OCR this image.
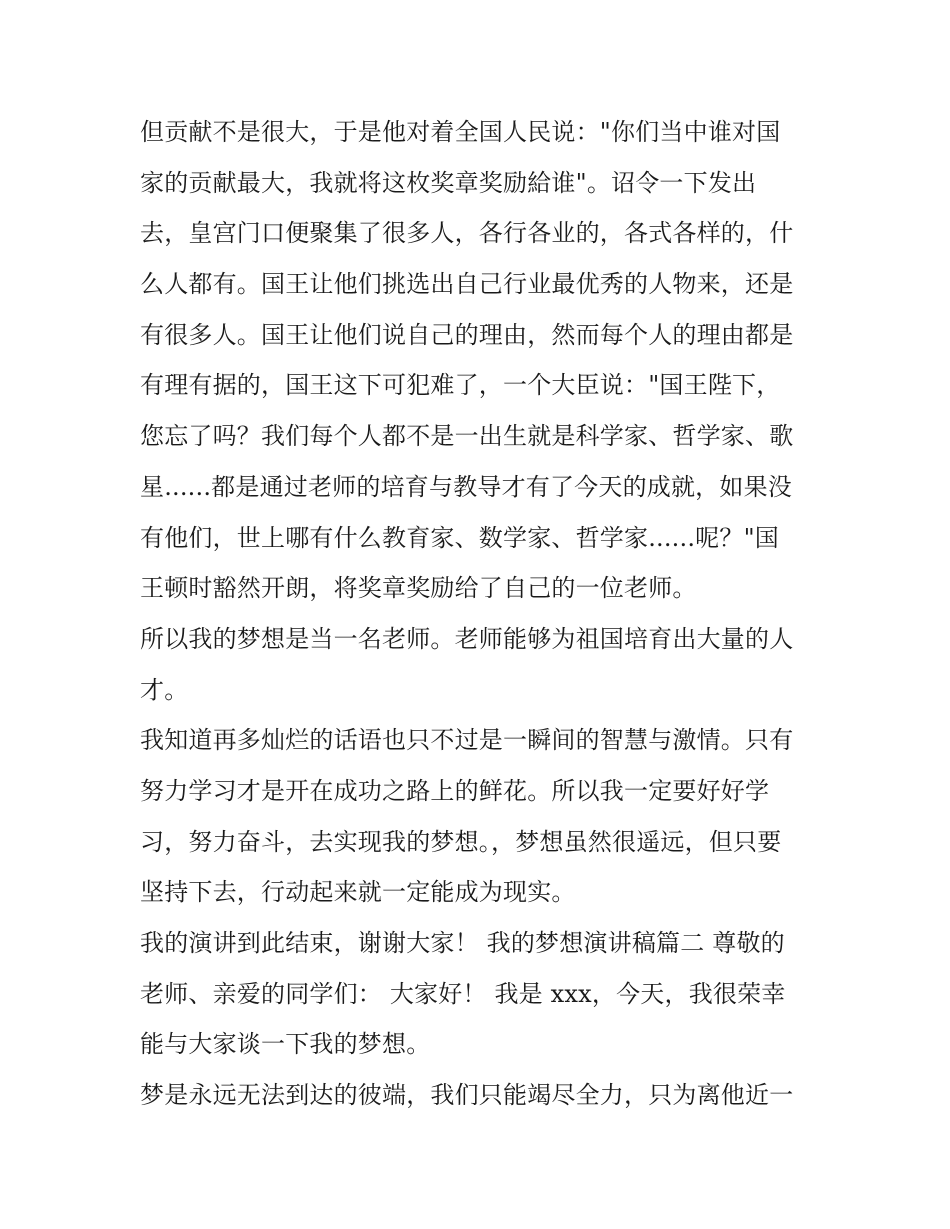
但贡献不是很大，于是他对着全国人民说："你们当中谁对国
家的贡献最大，我就将这枚奖章奖励給谁"。诏令一下发出
去，皇宫门口便聚集了很多人，各行各业的，各式各样的，什
么人都有。国王让他们挑选出自己行业最优秀的人物来，还是
有很多人。国王让他们说自己的理由，然而每个人的理由都是
有理有据的，国王这下可犯难了，一个大臣说："国王陛下，
您忘了吗？我们每个人都不是一出生就是科学家、哲学家、歌
星......都是通过老师的培育与教导才有了今天的成就，如果没
有他们，世上哪有什么教育家、数学家、哲学家......呢？"国
王顿时豁然开朗，将奖章奖励给了自己的一位老师。
所以我的梦想是当一名老师。老师能够为祖国培育出大量的人
才。
我知道再多灿烂的话语也只不过是一瞬间的智慧与激情。只有
努力学习才是开在成功之路上的鲜花。所以我一定要好好学
习，努力奋斗，去实现我的梦想。，梦想虽然很遥远，但只要
坚持下去，行动起来就一定能成为现实。
我的演讲到此结束，谢谢大家！ 我的梦想演讲稿篇二 尊敬的
老师、亲爱的同学们： 大家好！ 我是 xxx，今天，我很荣幸
能与大家谈一下我的梦想。
梦是永远无法到达的彼端，我们只能竭尽全力，只为离他近一
